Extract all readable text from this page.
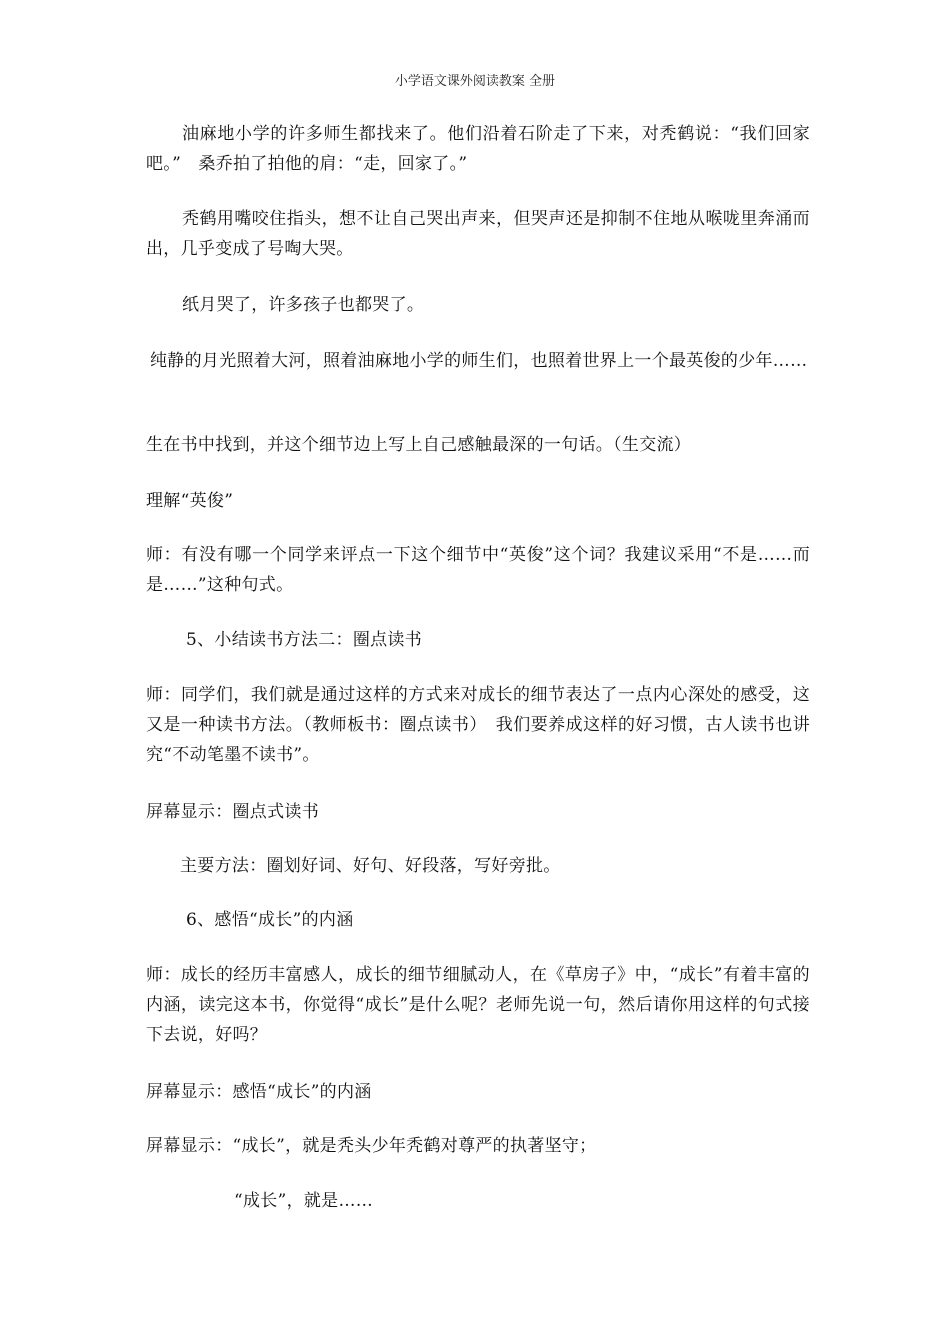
小学语文课外阅读教案 全册

油麻地小学的许多师生都找来了。他们沿着石阶走了下来，对秃鹤说：“我们回家吧。”　桑乔拍了拍他的肩：“走，回家了。”

秃鹤用嘴咬住指头，想不让自己哭出声来，但哭声还是抑制不住地从喉咙里奔涌而出，几乎变成了号啕大哭。

纸月哭了，许多孩子也都哭了。

纯静的月光照着大河，照着油麻地小学的师生们，也照着世界上一个最英俊的少年……

生在书中找到，并这个细节边上写上自己感触最深的一句话。（生交流）

理解“英俊”

师：有没有哪一个同学来评点一下这个细节中“英俊”这个词？我建议采用“不是……而是……”这种句式。

5、小结读书方法二：圈点读书

师：同学们，我们就是通过这样的方式来对成长的细节表达了一点内心深处的感受，这又是一种读书方法。（教师板书：圈点读书）　我们要养成这样的好习惯，古人读书也讲究“不动笔墨不读书”。

屏幕显示：圈点式读书

主要方法：圈划好词、好句、好段落，写好旁批。

6、感悟“成长”的内涵

师：成长的经历丰富感人，成长的细节细腻动人，在《草房子》中，“成长”有着丰富的内涵，读完这本书，你觉得“成长”是什么呢？老师先说一句，然后请你用这样的句式接下去说，好吗？

屏幕显示：感悟“成长”的内涵

屏幕显示：“成长”，就是秃头少年秃鹤对尊严的执著坚守；

“成长”，就是……
